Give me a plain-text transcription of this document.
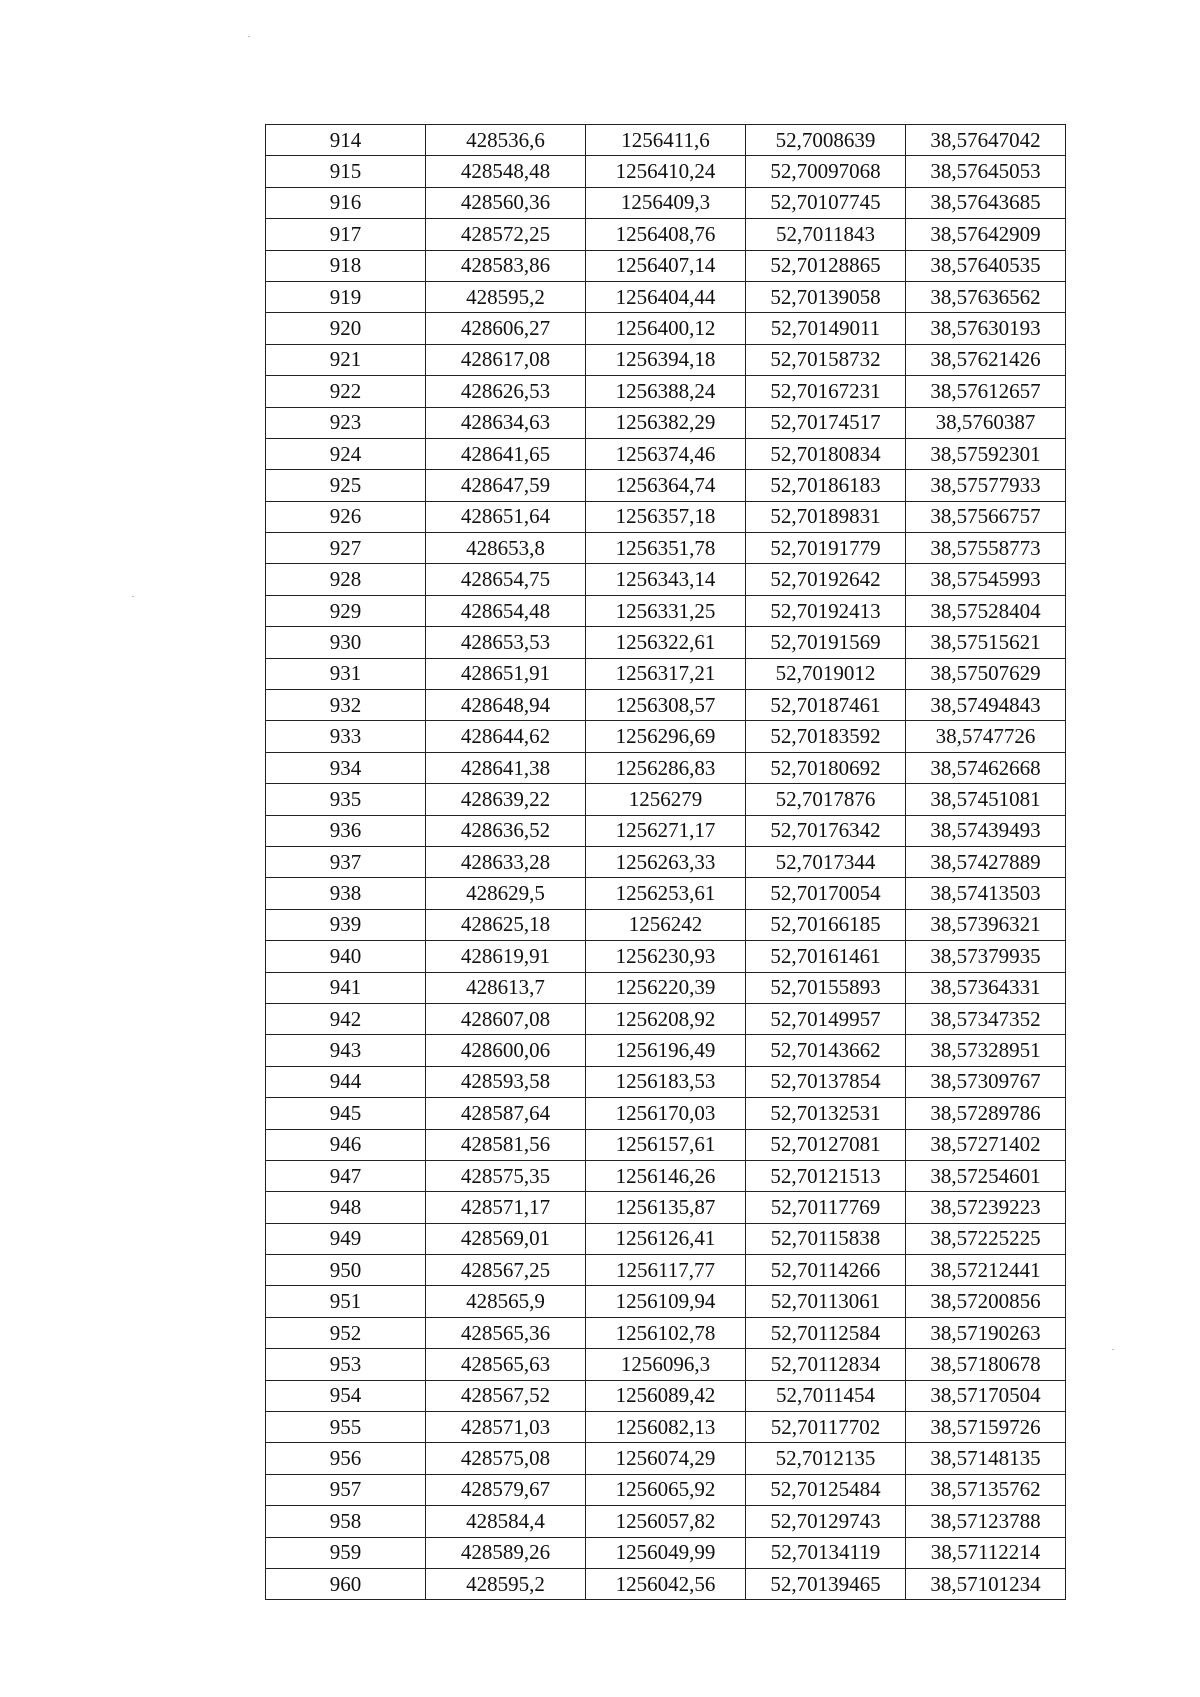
914	428536,6	1256411,6	52,7008639	38,57647042
915	428548,48	1256410,24	52,70097068	38,57645053
916	428560,36	1256409,3	52,70107745	38,57643685
917	428572,25	1256408,76	52,7011843	38,57642909
918	428583,86	1256407,14	52,70128865	38,57640535
919	428595,2	1256404,44	52,70139058	38,57636562
920	428606,27	1256400,12	52,70149011	38,57630193
921	428617,08	1256394,18	52,70158732	38,57621426
922	428626,53	1256388,24	52,70167231	38,57612657
923	428634,63	1256382,29	52,70174517	38,5760387
924	428641,65	1256374,46	52,70180834	38,57592301
925	428647,59	1256364,74	52,70186183	38,57577933
926	428651,64	1256357,18	52,70189831	38,57566757
927	428653,8	1256351,78	52,70191779	38,57558773
928	428654,75	1256343,14	52,70192642	38,57545993
929	428654,48	1256331,25	52,70192413	38,57528404
930	428653,53	1256322,61	52,70191569	38,57515621
931	428651,91	1256317,21	52,7019012	38,57507629
932	428648,94	1256308,57	52,70187461	38,57494843
933	428644,62	1256296,69	52,70183592	38,5747726
934	428641,38	1256286,83	52,70180692	38,57462668
935	428639,22	1256279	52,7017876	38,57451081
936	428636,52	1256271,17	52,70176342	38,57439493
937	428633,28	1256263,33	52,7017344	38,57427889
938	428629,5	1256253,61	52,70170054	38,57413503
939	428625,18	1256242	52,70166185	38,57396321
940	428619,91	1256230,93	52,70161461	38,57379935
941	428613,7	1256220,39	52,70155893	38,57364331
942	428607,08	1256208,92	52,70149957	38,57347352
943	428600,06	1256196,49	52,70143662	38,57328951
944	428593,58	1256183,53	52,70137854	38,57309767
945	428587,64	1256170,03	52,70132531	38,57289786
946	428581,56	1256157,61	52,70127081	38,57271402
947	428575,35	1256146,26	52,70121513	38,57254601
948	428571,17	1256135,87	52,70117769	38,57239223
949	428569,01	1256126,41	52,70115838	38,57225225
950	428567,25	1256117,77	52,70114266	38,57212441
951	428565,9	1256109,94	52,70113061	38,57200856
952	428565,36	1256102,78	52,70112584	38,57190263
953	428565,63	1256096,3	52,70112834	38,57180678
954	428567,52	1256089,42	52,7011454	38,57170504
955	428571,03	1256082,13	52,70117702	38,57159726
956	428575,08	1256074,29	52,7012135	38,57148135
957	428579,67	1256065,92	52,70125484	38,57135762
958	428584,4	1256057,82	52,70129743	38,57123788
959	428589,26	1256049,99	52,70134119	38,57112214
960	428595,2	1256042,56	52,70139465	38,57101234
